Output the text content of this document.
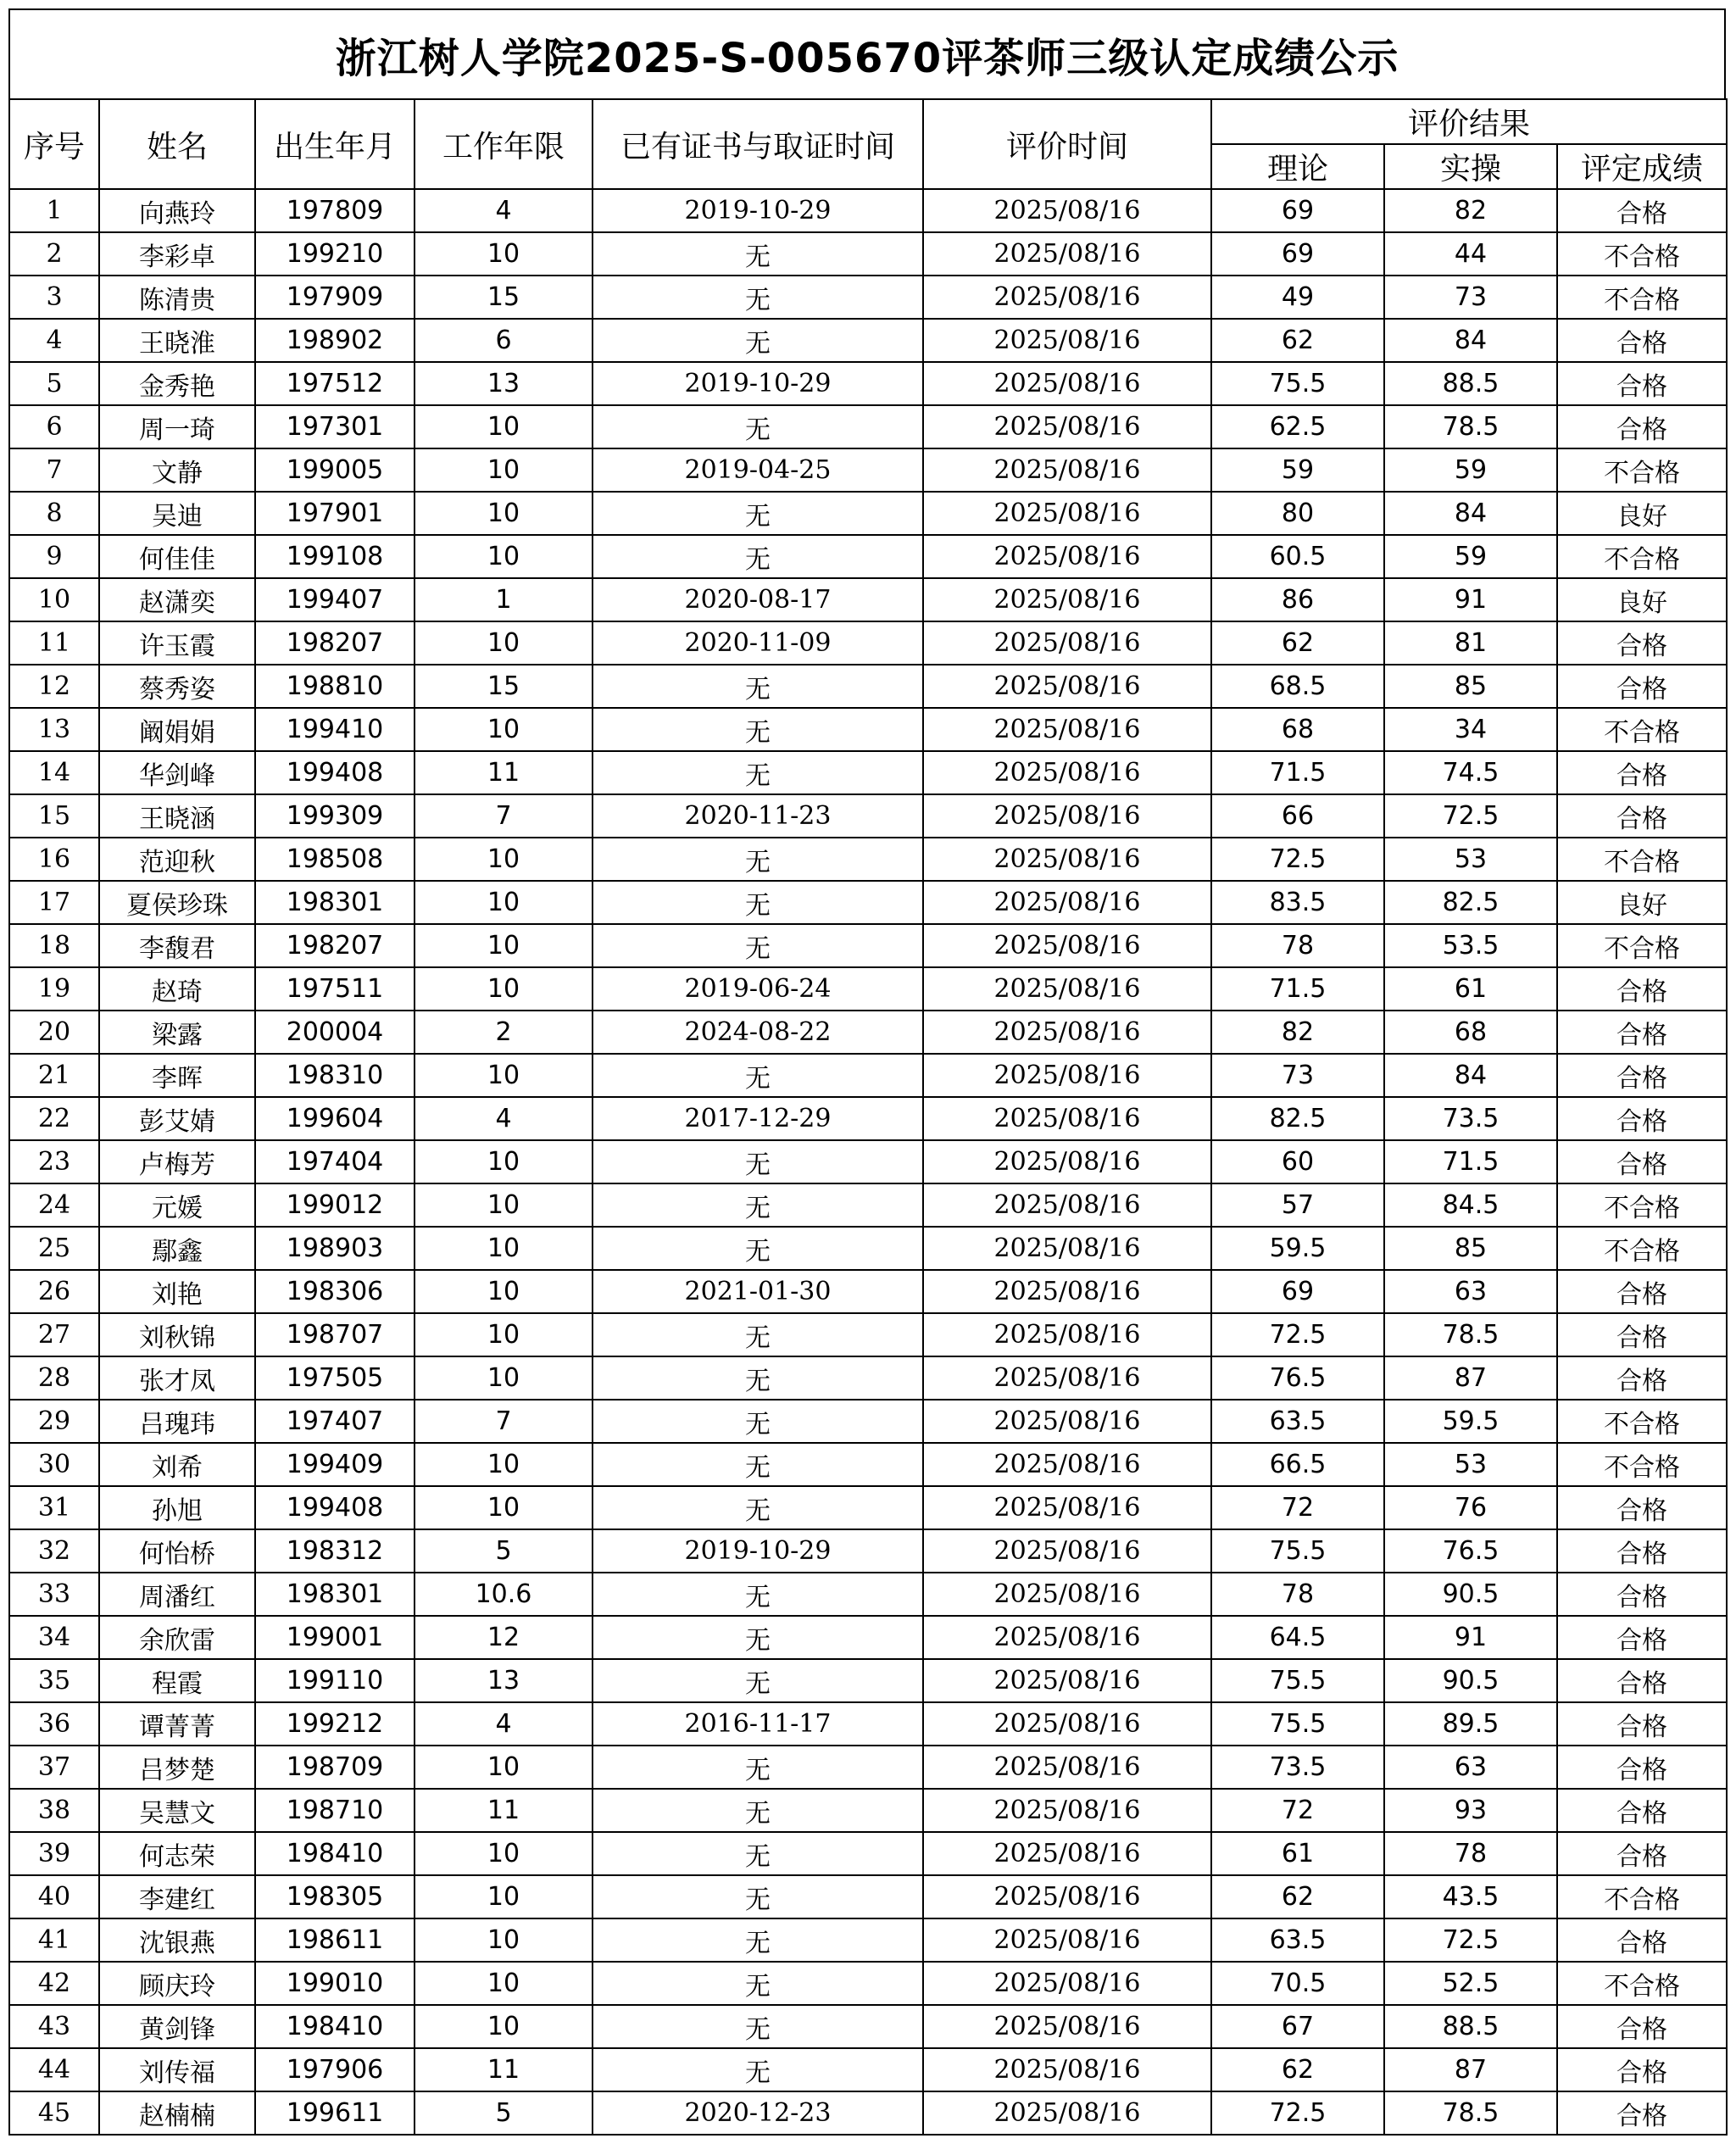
浙江树人学院2025-S-005670评茶师三级认定成绩公示
序号	姓名	出生年月	工作年限	已有证书与取证时间	评价时间	评价结果		
						理论	实操	评定成绩
1	向燕玲	197809	4	2019-10-29	2025/08/16	69	82	合格
2	李彩卓	199210	10	无	2025/08/16	69	44	不合格
3	陈清贵	197909	15	无	2025/08/16	49	73	不合格
4	王晓淮	198902	6	无	2025/08/16	62	84	合格
5	金秀艳	197512	13	2019-10-29	2025/08/16	75.5	88.5	合格
6	周一琦	197301	10	无	2025/08/16	62.5	78.5	合格
7	文静	199005	10	2019-04-25	2025/08/16	59	59	不合格
8	吴迪	197901	10	无	2025/08/16	80	84	良好
9	何佳佳	199108	10	无	2025/08/16	60.5	59	不合格
10	赵潇奕	199407	1	2020-08-17	2025/08/16	86	91	良好
11	许玉霞	198207	10	2020-11-09	2025/08/16	62	81	合格
12	蔡秀姿	198810	15	无	2025/08/16	68.5	85	合格
13	阚娟娟	199410	10	无	2025/08/16	68	34	不合格
14	华剑峰	199408	11	无	2025/08/16	71.5	74.5	合格
15	王晓涵	199309	7	2020-11-23	2025/08/16	66	72.5	合格
16	范迎秋	198508	10	无	2025/08/16	72.5	53	不合格
17	夏侯珍珠	198301	10	无	2025/08/16	83.5	82.5	良好
18	李馥君	198207	10	无	2025/08/16	78	53.5	不合格
19	赵琦	197511	10	2019-06-24	2025/08/16	71.5	61	合格
20	梁露	200004	2	2024-08-22	2025/08/16	82	68	合格
21	李晖	198310	10	无	2025/08/16	73	84	合格
22	彭艾婧	199604	4	2017-12-29	2025/08/16	82.5	73.5	合格
23	卢梅芳	197404	10	无	2025/08/16	60	71.5	合格
24	元媛	199012	10	无	2025/08/16	57	84.5	不合格
25	鄢鑫	198903	10	无	2025/08/16	59.5	85	不合格
26	刘艳	198306	10	2021-01-30	2025/08/16	69	63	合格
27	刘秋锦	198707	10	无	2025/08/16	72.5	78.5	合格
28	张才凤	197505	10	无	2025/08/16	76.5	87	合格
29	吕瑰玮	197407	7	无	2025/08/16	63.5	59.5	不合格
30	刘希	199409	10	无	2025/08/16	66.5	53	不合格
31	孙旭	199408	10	无	2025/08/16	72	76	合格
32	何怡桥	198312	5	2019-10-29	2025/08/16	75.5	76.5	合格
33	周潘红	198301	10.6	无	2025/08/16	78	90.5	合格
34	余欣雷	199001	12	无	2025/08/16	64.5	91	合格
35	程霞	199110	13	无	2025/08/16	75.5	90.5	合格
36	谭菁菁	199212	4	2016-11-17	2025/08/16	75.5	89.5	合格
37	吕梦楚	198709	10	无	2025/08/16	73.5	63	合格
38	吴慧文	198710	11	无	2025/08/16	72	93	合格
39	何志荣	198410	10	无	2025/08/16	61	78	合格
40	李建红	198305	10	无	2025/08/16	62	43.5	不合格
41	沈银燕	198611	10	无	2025/08/16	63.5	72.5	合格
42	顾庆玲	199010	10	无	2025/08/16	70.5	52.5	不合格
43	黄剑锋	198410	10	无	2025/08/16	67	88.5	合格
44	刘传福	197906	11	无	2025/08/16	62	87	合格
45	赵楠楠	199611	5	2020-12-23	2025/08/16	72.5	78.5	合格
